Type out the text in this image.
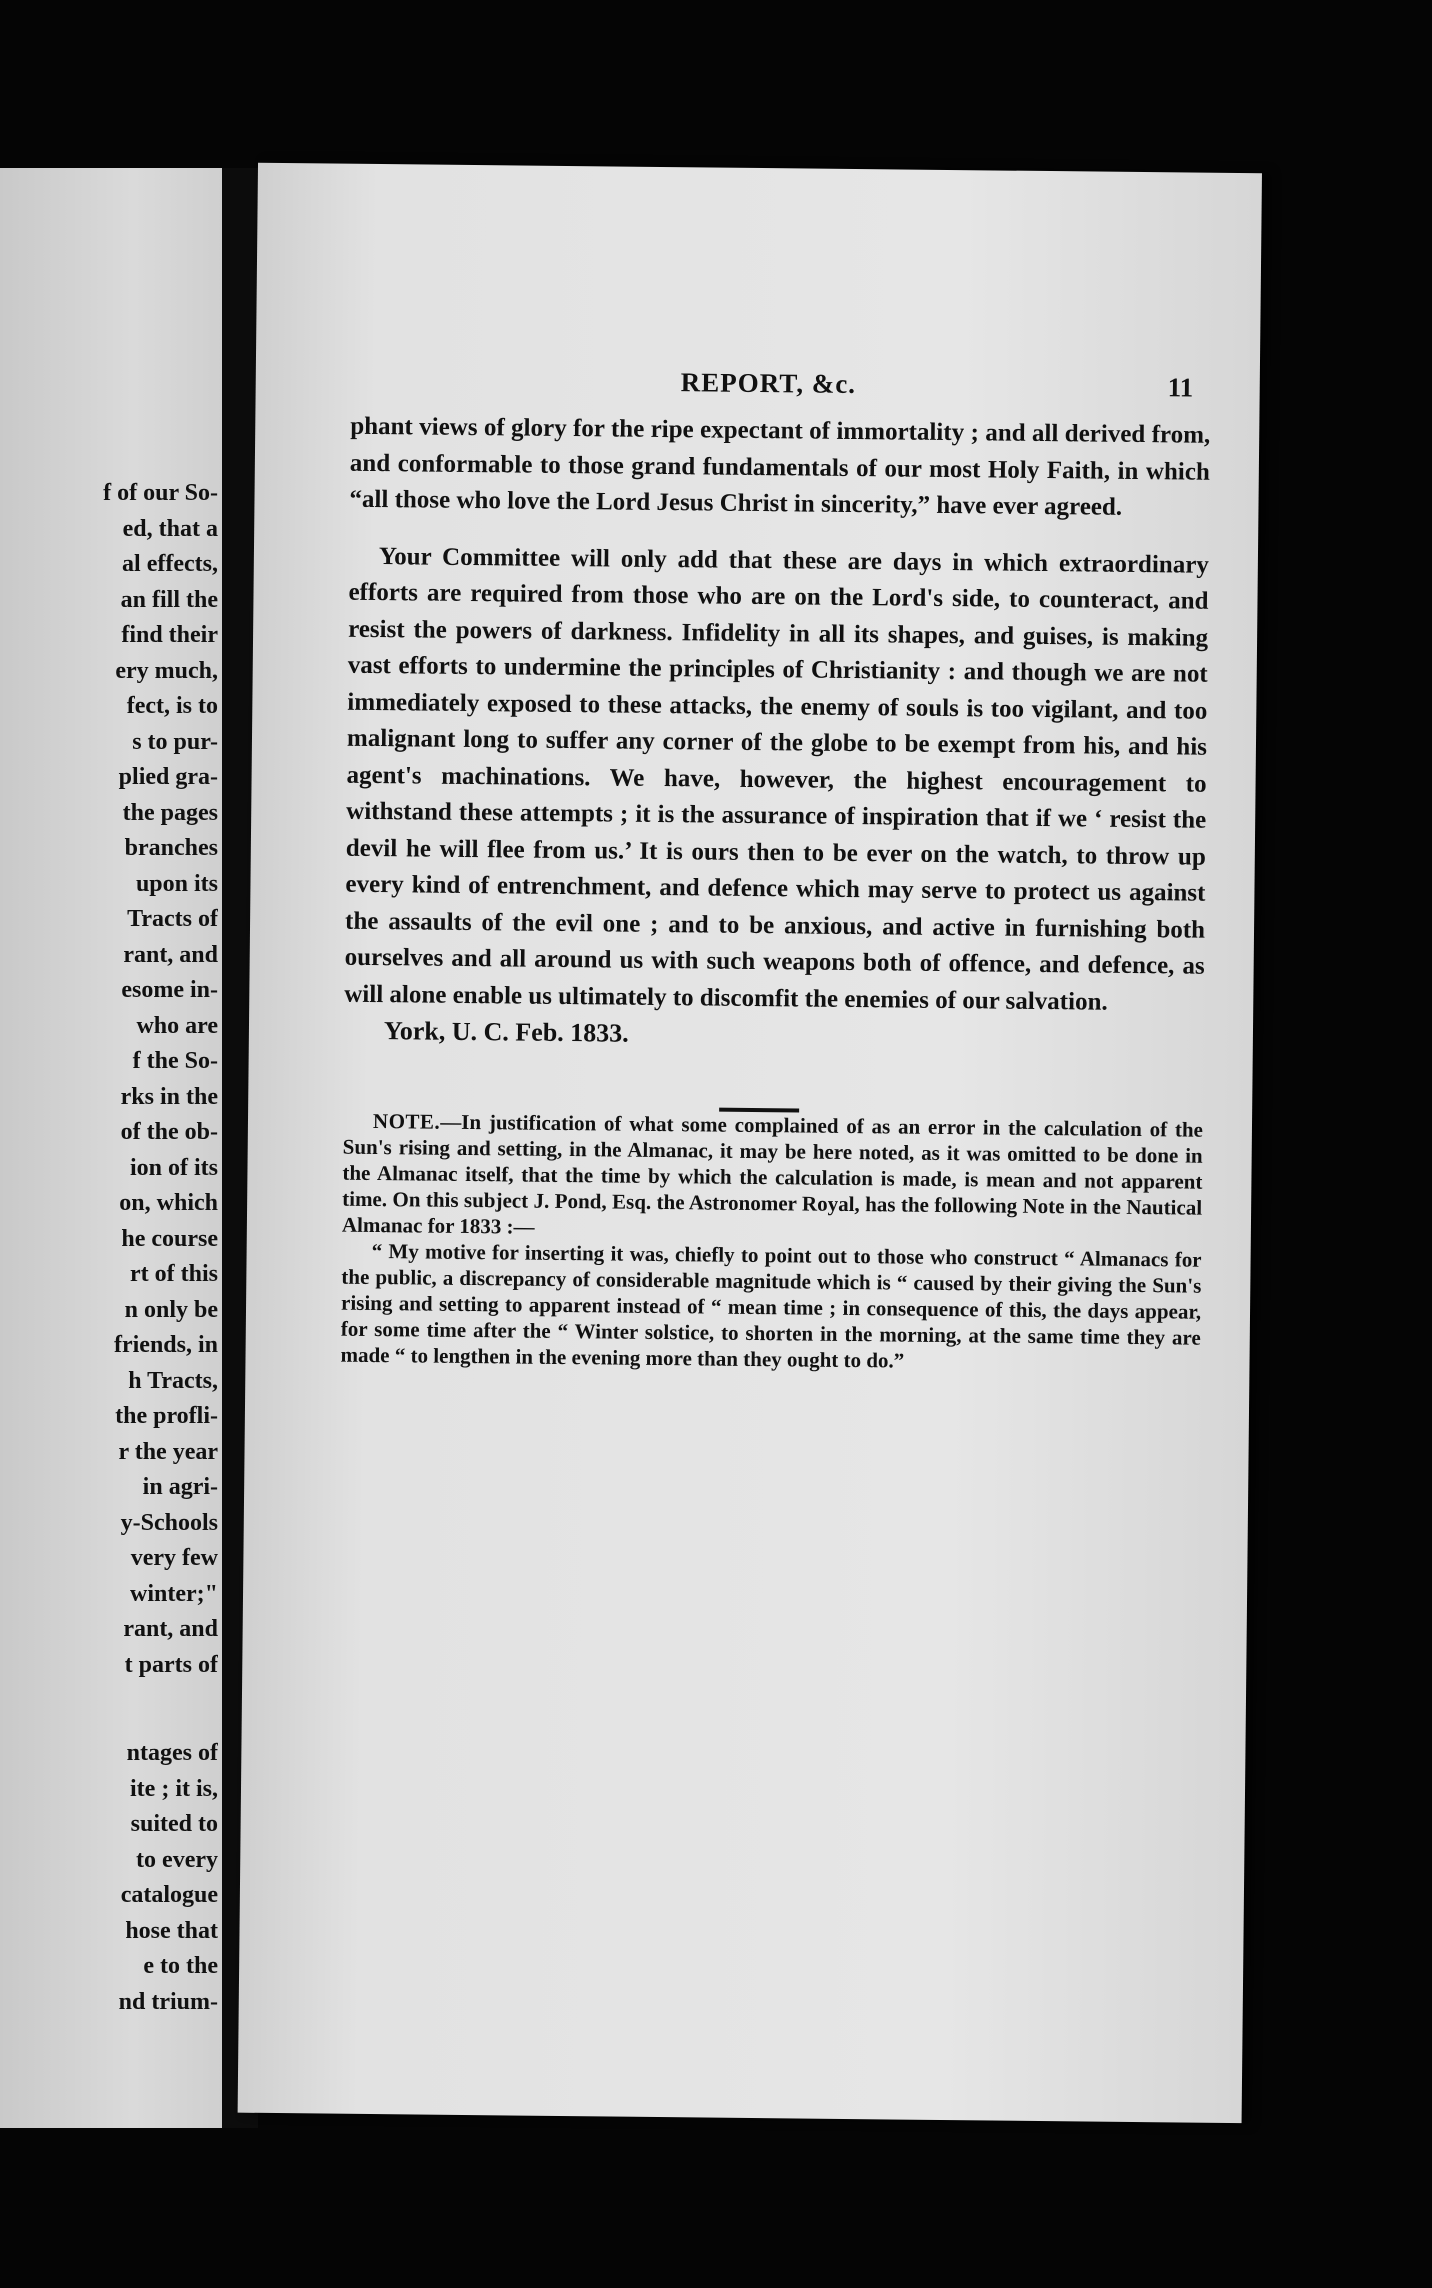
f of our So-
ed, that a
al effects,
an fill the
find their
ery much,
fect, is to
s to pur-
plied gra-
the pages
branches
upon its
Tracts of
rant, and
esome in-
who are
f the So-
rks in the
of the ob-
ion of its
on, which
he course
rt of this
n only be
friends, in
h Tracts,
the profli-
r the year
in agri-
y-Schools
very few
winter;"
rant, and
t parts of
ntages of
ite ; it is,
suited to
to every
catalogue
hose that
e to the
nd trium-
REPORT, &c.	11

phant views of glory for the ripe expectant of immortality ; and all derived from, and conformable to those grand fundamentals of our most Holy Faith, in which “all those who love the Lord Jesus Christ in sincerity,” have ever agreed.

Your Committee will only add that these are days in which extraordinary efforts are required from those who are on the Lord's side, to counteract, and resist the powers of darkness. Infidelity in all its shapes, and guises, is making vast efforts to undermine the principles of Christianity : and though we are not immediately exposed to these attacks, the enemy of souls is too vigilant, and too malignant long to suffer any corner of the globe to be exempt from his, and his agent's machinations. We have, however, the highest encouragement to withstand these attempts ; it is the assurance of inspiration that if we ‘ resist the devil he will flee from us.’ It is ours then to be ever on the watch, to throw up every kind of entrenchment, and defence which may serve to protect us against the assaults of the evil one ; and to be anxious, and active in furnishing both ourselves and all around us with such weapons both of offence, and defence, as will alone enable us ultimately to discomfit the enemies of our salvation.

York, U. C. Feb. 1833.

NOTE.—In justification of what some complained of as an error in the calculation of the Sun's rising and setting, in the Almanac, it may be here noted, as it was omitted to be done in the Almanac itself, that the time by which the calculation is made, is mean and not apparent time. On this subject J. Pond, Esq. the Astronomer Royal, has the following Note in the Nautical Almanac for 1833 :—

“ My motive for inserting it was, chiefly to point out to those who construct “ Almanacs for the public, a discrepancy of considerable magnitude which is “ caused by their giving the Sun's rising and setting to apparent instead of “ mean time ; in consequence of this, the days appear, for some time after the “ Winter solstice, to shorten in the morning, at the same time they are made “ to lengthen in the evening more than they ought to do.”
